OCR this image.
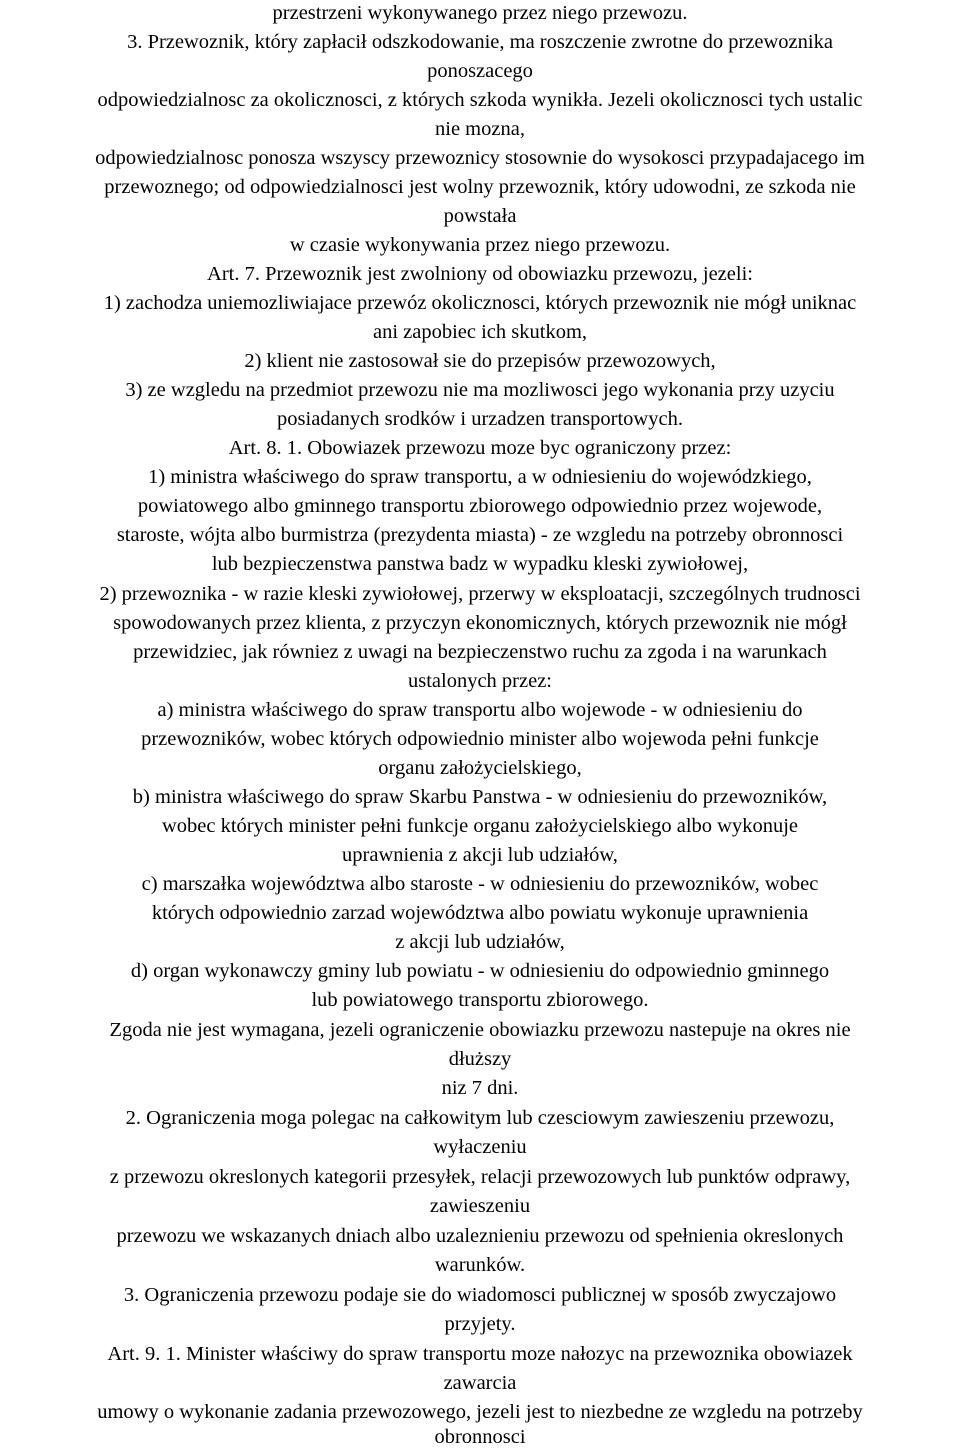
przestrzeni wykonywanego przez niego przewozu.
3. Przewoznik, który zapłacił odszkodowanie, ma roszczenie zwrotne do przewoznika
ponoszacego
odpowiedzialnosc za okolicznosci, z których szkoda wynikła. Jezeli okolicznosci tych ustalic
nie mozna,
odpowiedzialnosc ponosza wszyscy przewoznicy stosownie do wysokosci przypadajacego im
przewoznego; od odpowiedzialnosci jest wolny przewoznik, który udowodni, ze szkoda nie
powstała
w czasie wykonywania przez niego przewozu.
Art. 7. Przewoznik jest zwolniony od obowiazku przewozu, jezeli:
1) zachodza uniemozliwiajace przewóz okolicznosci, których przewoznik nie mógł uniknac
ani zapobiec ich skutkom,
2) klient nie zastosował sie do przepisów przewozowych,
3) ze wzgledu na przedmiot przewozu nie ma mozliwosci jego wykonania przy uzyciu
posiadanych srodków i urzadzen transportowych.
Art. 8. 1. Obowiazek przewozu moze byc ograniczony przez:
1) ministra właściwego do spraw transportu, a w odniesieniu do wojewódzkiego,
powiatowego albo gminnego transportu zbiorowego odpowiednio przez wojewode,
staroste, wójta albo burmistrza (prezydenta miasta) - ze wzgledu na potrzeby obronnosci
lub bezpieczenstwa panstwa badz w wypadku kleski zywiołowej,
2) przewoznika - w razie kleski zywiołowej, przerwy w eksploatacji, szczególnych trudnosci
spowodowanych przez klienta, z przyczyn ekonomicznych, których przewoznik nie mógł
przewidziec, jak równiez z uwagi na bezpieczenstwo ruchu za zgoda i na warunkach
ustalonych przez:
a) ministra właściwego do spraw transportu albo wojewode - w odniesieniu do
przewozników, wobec których odpowiednio minister albo wojewoda pełni funkcje
organu założycielskiego,
b) ministra właściwego do spraw Skarbu Panstwa - w odniesieniu do przewozników,
wobec których minister pełni funkcje organu założycielskiego albo wykonuje
uprawnienia z akcji lub udziałów,
c) marszałka województwa albo staroste - w odniesieniu do przewozników, wobec
których odpowiednio zarzad województwa albo powiatu wykonuje uprawnienia
z akcji lub udziałów,
d) organ wykonawczy gminy lub powiatu - w odniesieniu do odpowiednio gminnego
lub powiatowego transportu zbiorowego.
Zgoda nie jest wymagana, jezeli ograniczenie obowiazku przewozu nastepuje na okres nie
dłuższy
niz 7 dni.
2. Ograniczenia moga polegac na całkowitym lub czesciowym zawieszeniu przewozu,
wyłaczeniu
z przewozu okreslonych kategorii przesyłek, relacji przewozowych lub punktów odprawy,
zawieszeniu
przewozu we wskazanych dniach albo uzaleznieniu przewozu od spełnienia okreslonych
warunków.
3. Ograniczenia przewozu podaje sie do wiadomosci publicznej w sposób zwyczajowo
przyjety.
Art. 9. 1. Minister właściwy do spraw transportu moze nałozyc na przewoznika obowiazek
zawarcia
umowy o wykonanie zadania przewozowego, jezeli jest to niezbedne ze wzgledu na potrzeby
obronnosci
